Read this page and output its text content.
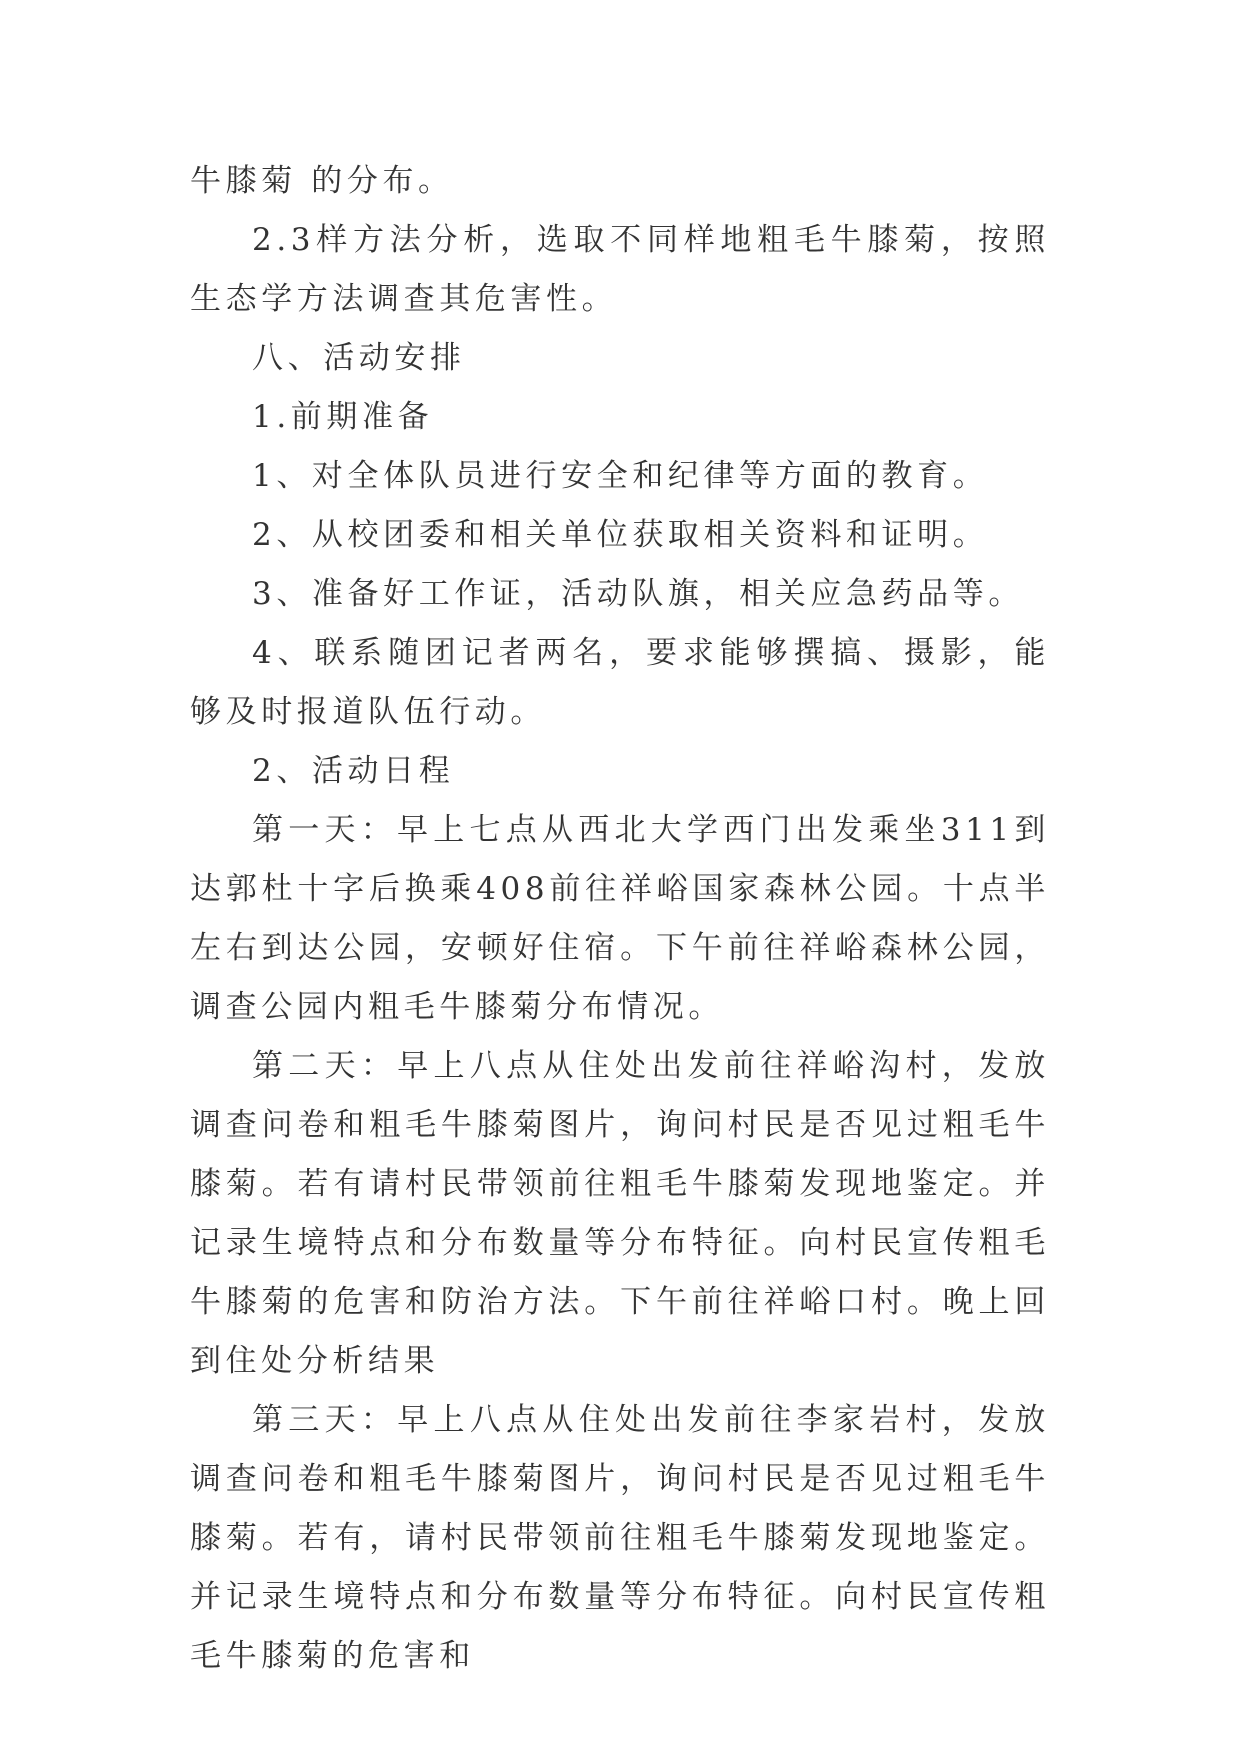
牛膝菊 的分布。

2.3样方法分析，选取不同样地粗毛牛膝菊，按照生态学方法调查其危害性。

八、活动安排

1.前期准备

1、对全体队员进行安全和纪律等方面的教育。

2、从校团委和相关单位获取相关资料和证明。

3、准备好工作证，活动队旗，相关应急药品等。

4、联系随团记者两名，要求能够撰搞、摄影，能够及时报道队伍行动。

2、活动日程

第一天：早上七点从西北大学西门出发乘坐311到达郭杜十字后换乘408前往祥峪国家森林公园。十点半左右到达公园，安顿好住宿。下午前往祥峪森林公园，调查公园内粗毛牛膝菊分布情况。

第二天：早上八点从住处出发前往祥峪沟村，发放调查问卷和粗毛牛膝菊图片，询问村民是否见过粗毛牛膝菊。若有请村民带领前往粗毛牛膝菊发现地鉴定。并记录生境特点和分布数量等分布特征。向村民宣传粗毛牛膝菊的危害和防治方法。下午前往祥峪口村。晚上回到住处分析结果

第三天：早上八点从住处出发前往李家岩村，发放调查问卷和粗毛牛膝菊图片，询问村民是否见过粗毛牛膝菊。若有，请村民带领前往粗毛牛膝菊发现地鉴定。并记录生境特点和分布数量等分布特征。向村民宣传粗毛牛膝菊的危害和
